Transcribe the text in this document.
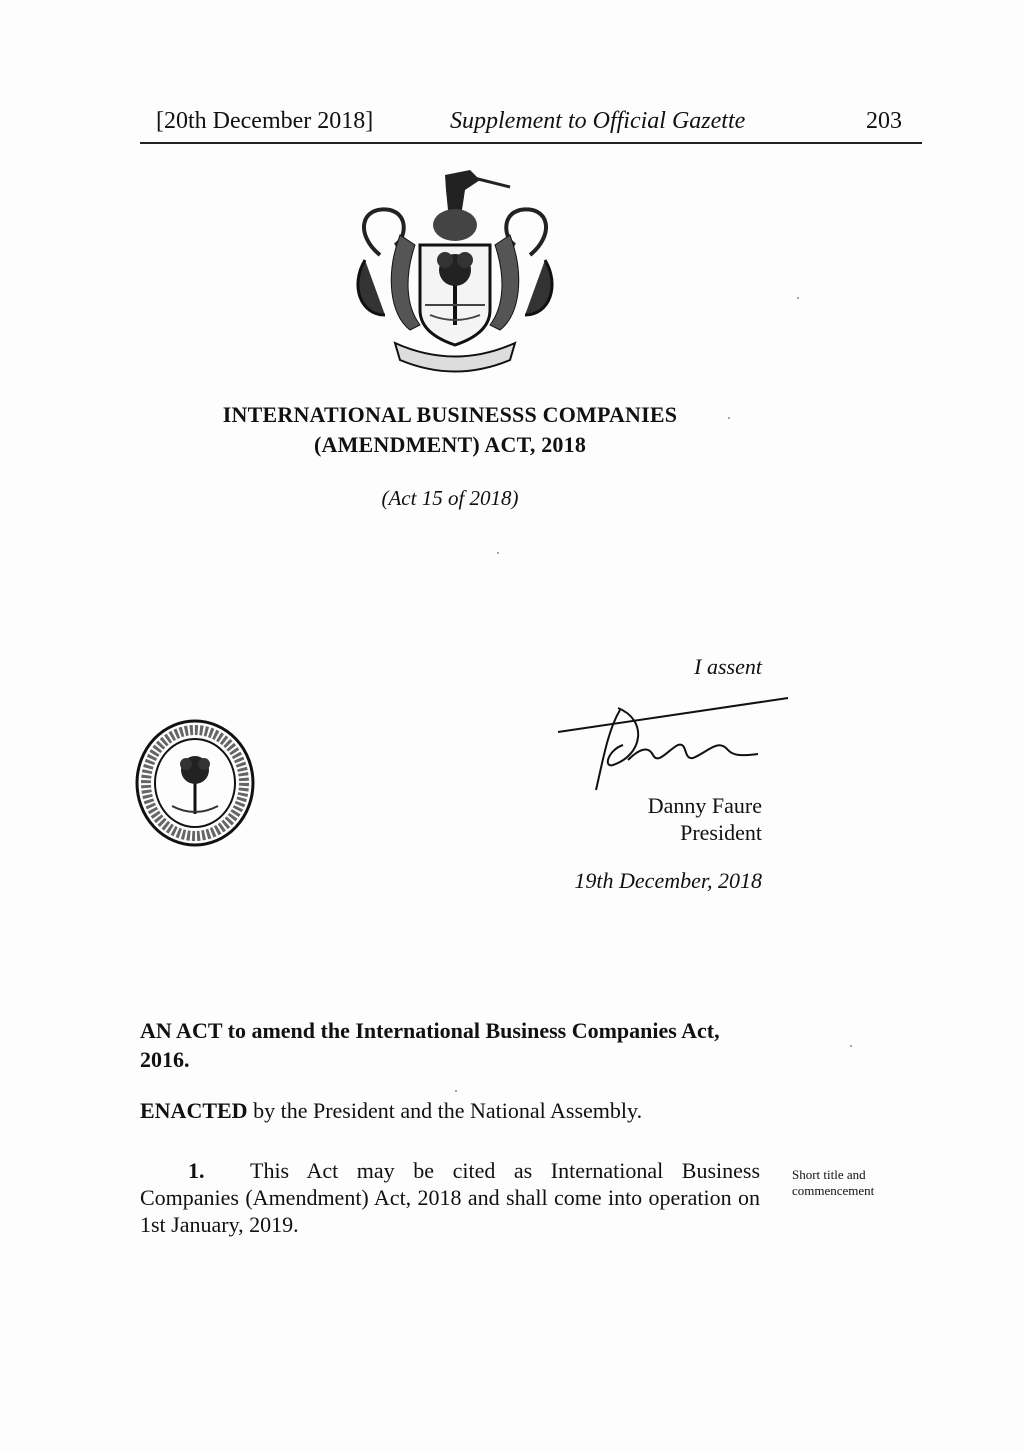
[20th December 2018]	Supplement to Official Gazette	203
INTERNATIONAL BUSINESSS COMPANIES
(AMENDMENT) ACT, 2018
(Act 15 of 2018)
I assent
Danny Faure
President
19th December, 2018
AN ACT to amend the International Business Companies Act, 2016.
ENACTED by the President and the National Assembly.
1. This Act may be cited as International Business Companies (Amendment) Act, 2018 and shall come into operation on 1st January, 2019.
Short title and commencement
